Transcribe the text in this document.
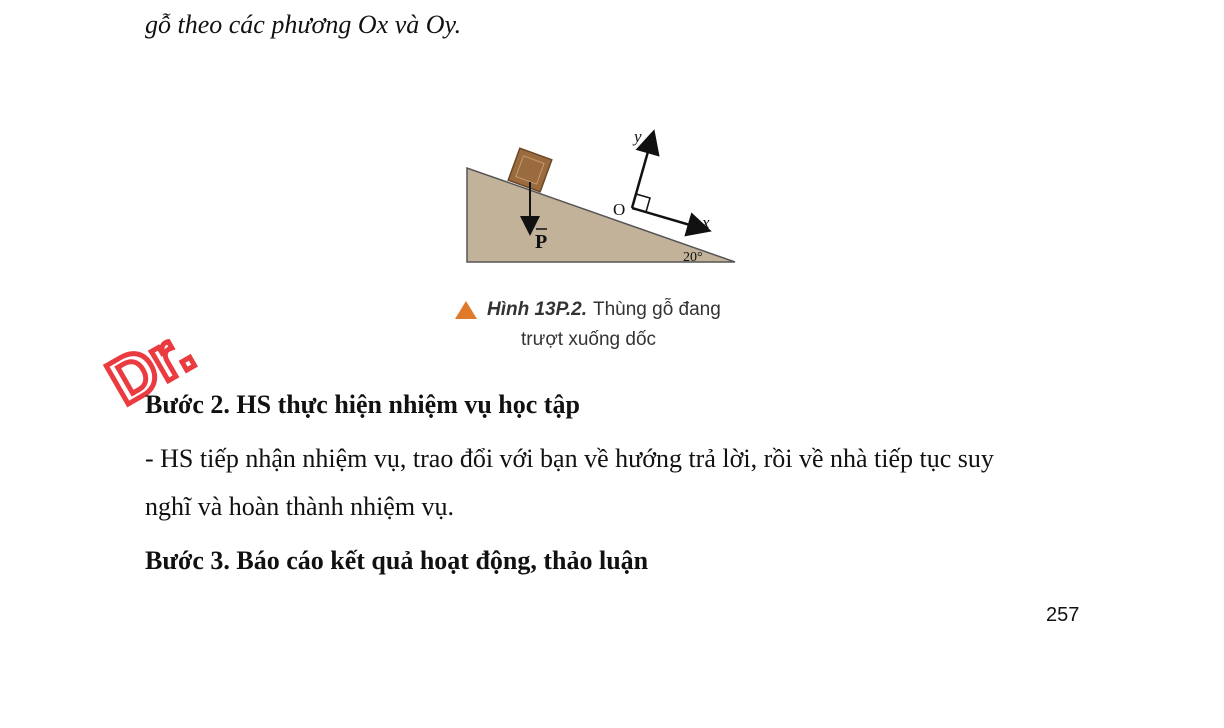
gỗ theo các phương Ox và Oy.
P
y
x
O
20°
Hình 13P.2. Thùng gỗ đang
trượt xuống dốc
Dr.
Bước 2. HS thực hiện nhiệm vụ học tập
- HS tiếp nhận nhiệm vụ, trao đổi với bạn về hướng trả lời, rồi về nhà tiếp tục suy
nghĩ và hoàn thành nhiệm vụ.
Bước 3. Báo cáo kết quả hoạt động, thảo luận
257
